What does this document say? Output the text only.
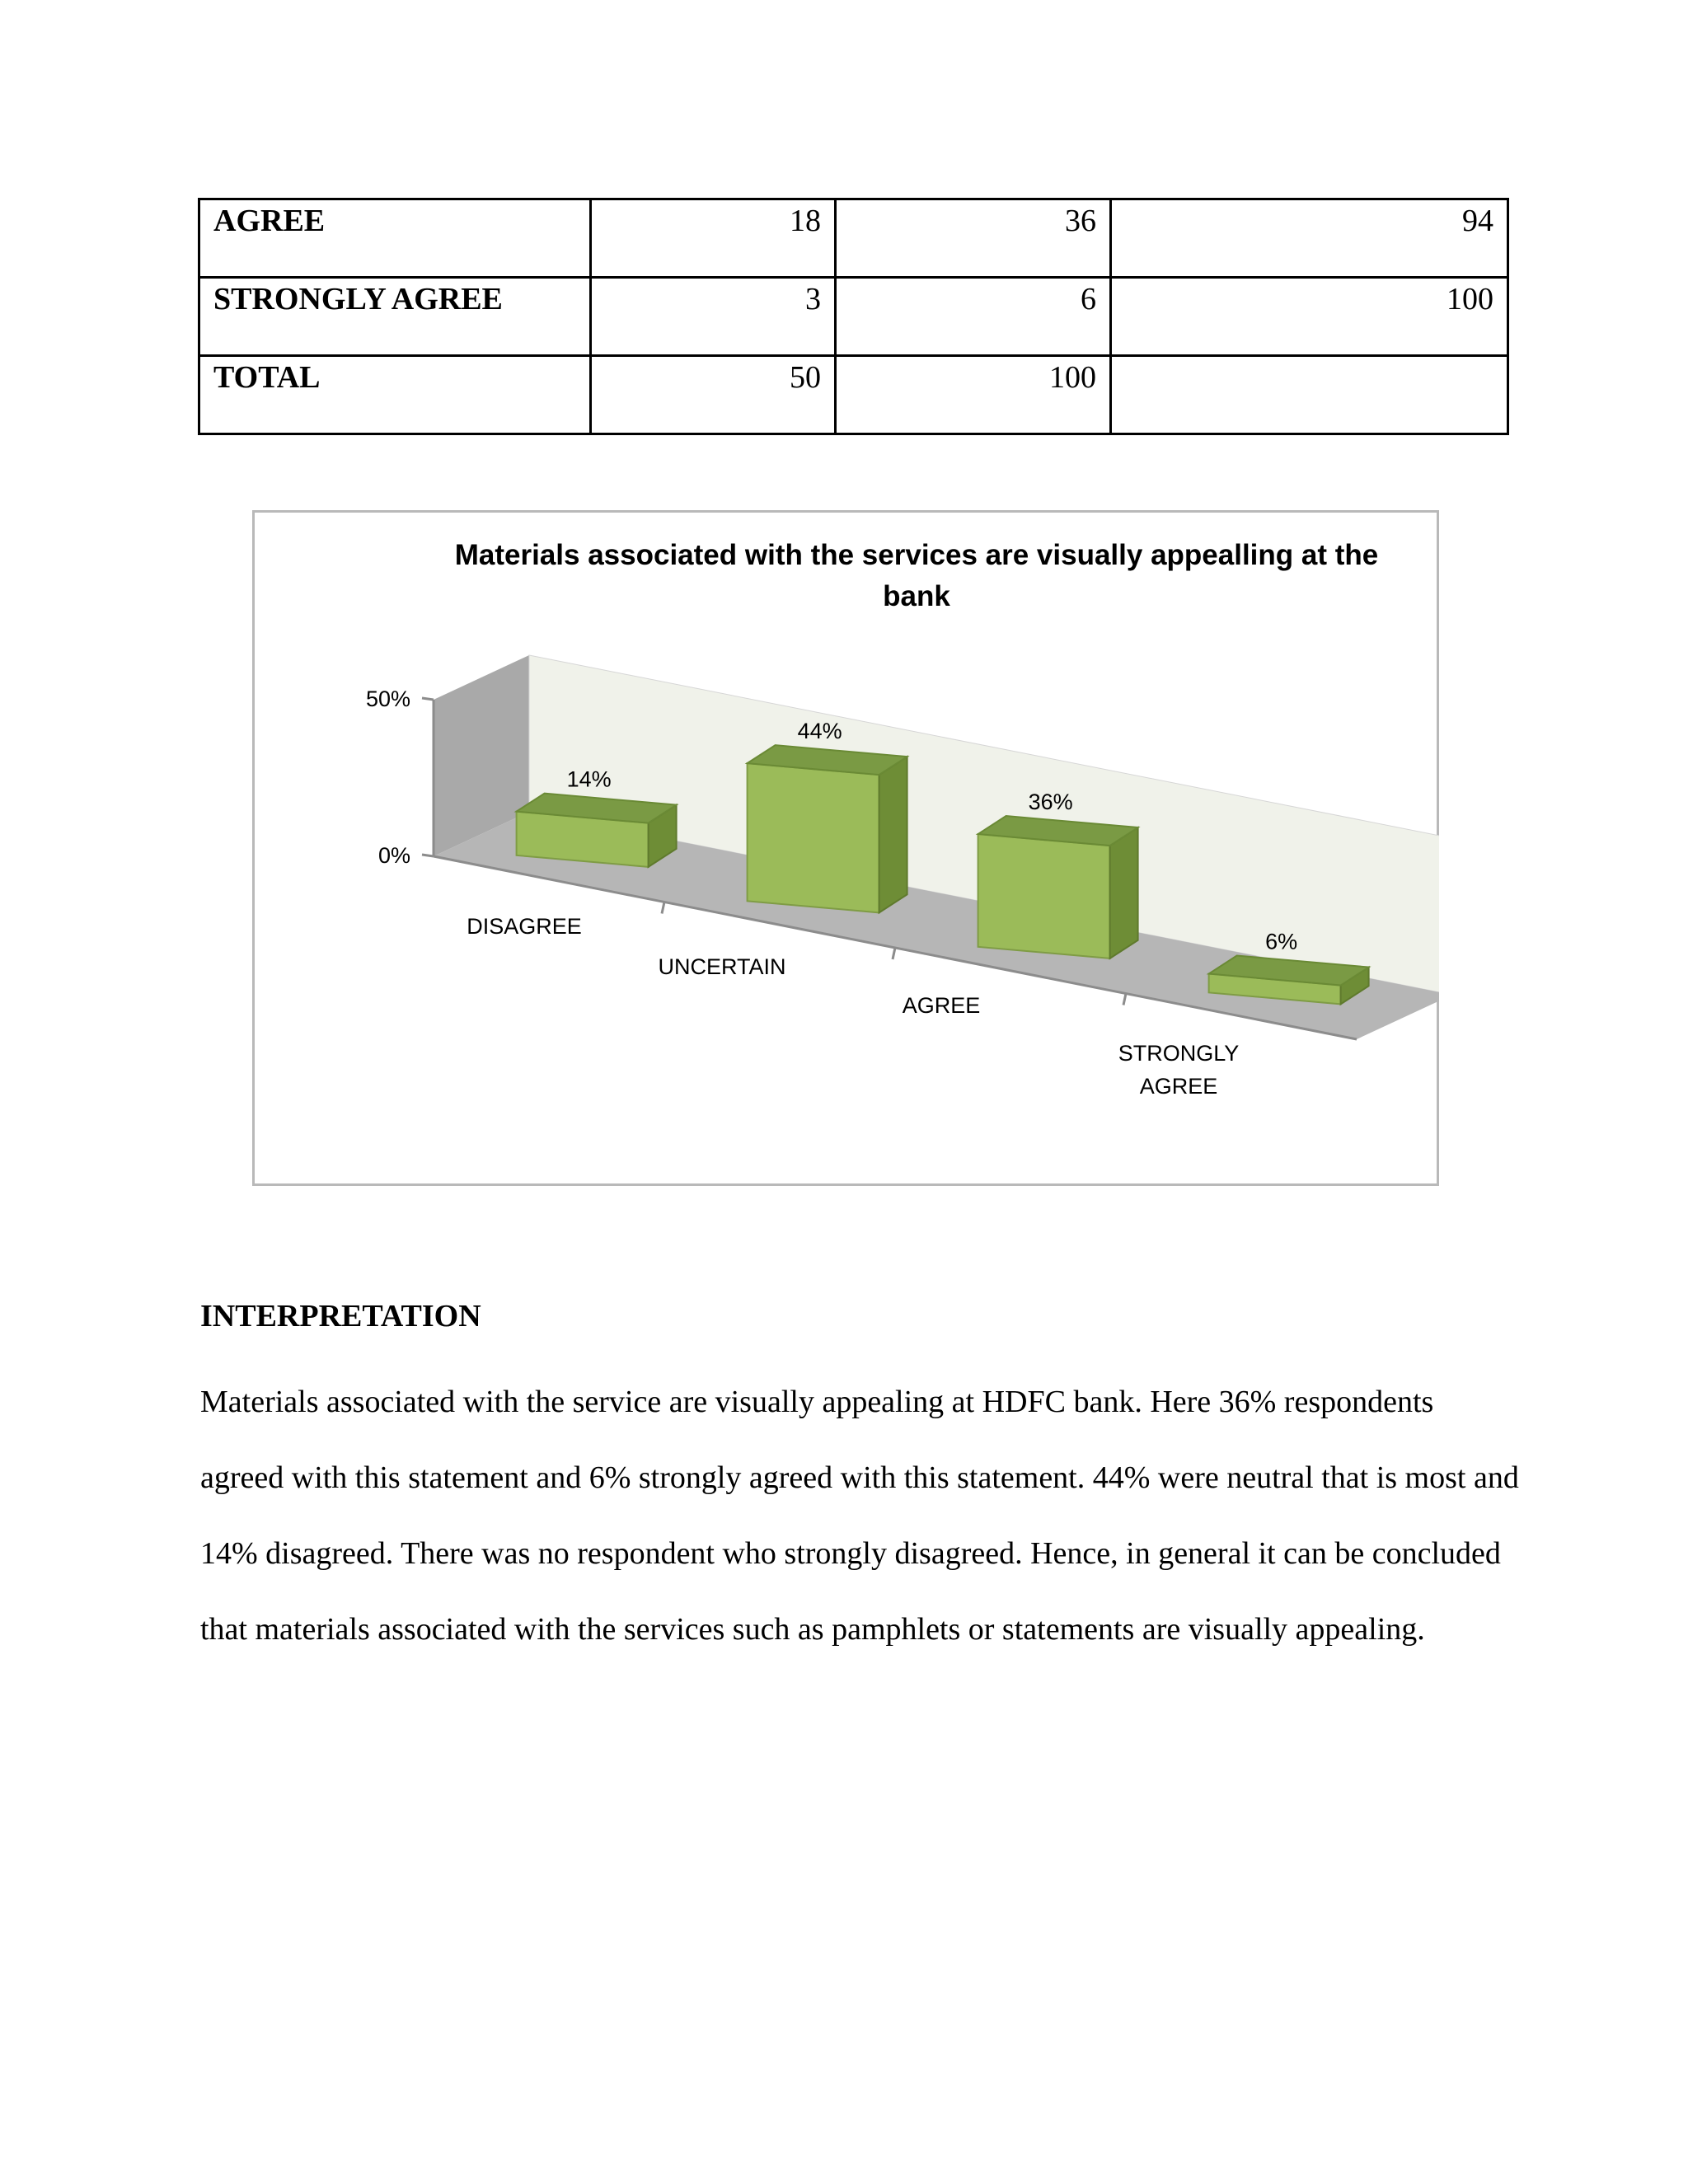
AGREE	18	36	94
STRONGLY AGREE	3	6	100
TOTAL	50	100	
Materials associated with the services are visually appealling at the
bank
0%
50%
14%
44%
36%
6%
DISAGREE
UNCERTAIN
AGREE
STRONGLY
AGREE
INTERPRETATION

Materials associated with the service are visually appealing at HDFC bank. Here 36% respondents agreed with this statement and 6% strongly agreed with this statement. 44% were neutral that is most and 14% disagreed. There was no respondent who strongly disagreed. Hence, in general it can be concluded that materials associated with the services such as pamphlets or statements are visually appealing.
